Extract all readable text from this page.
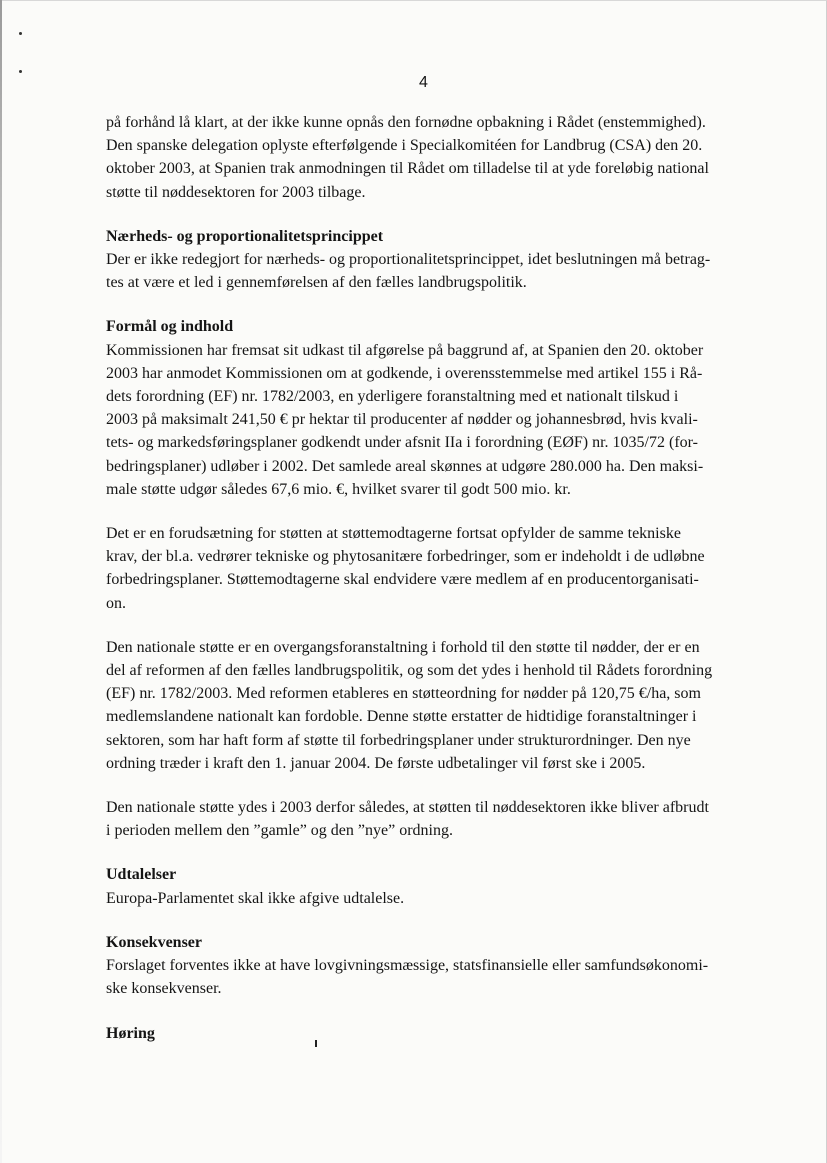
4
på forhånd lå klart, at der ikke kunne opnås den fornødne opbakning i Rådet (enstemmighed).
Den spanske delegation oplyste efterfølgende i Specialkomitéen for Landbrug (CSA) den 20.
oktober 2003, at Spanien trak anmodningen til Rådet om tilladelse til at yde foreløbig national
støtte til nøddesektoren for 2003 tilbage.
Nærheds- og proportionalitetsprincippet
Der er ikke redegjort for nærheds- og proportionalitetsprincippet, idet beslutningen må betrag-
tes at være et led i gennemførelsen af den fælles landbrugspolitik.
Formål og indhold
Kommissionen har fremsat sit udkast til afgørelse på baggrund af, at Spanien den 20. oktober
2003 har anmodet Kommissionen om at godkende, i overensstemmelse med artikel 155 i Rå-
dets forordning (EF) nr. 1782/2003, en yderligere foranstaltning med et nationalt tilskud i
2003 på maksimalt 241,50 € pr hektar til producenter af nødder og johannesbrød, hvis kvali-
tets- og markedsføringsplaner godkendt under afsnit IIa i forordning (EØF) nr. 1035/72 (for-
bedringsplaner) udløber i 2002. Det samlede areal skønnes at udgøre 280.000 ha. Den maksi-
male støtte udgør således 67,6 mio. €, hvilket svarer til godt 500 mio. kr.
Det er en forudsætning for støtten at støttemodtagerne fortsat opfylder de samme tekniske
krav, der bl.a. vedrører tekniske og phytosanitære forbedringer, som er indeholdt i de udløbne
forbedringsplaner. Støttemodtagerne skal endvidere være medlem af en producentorganisati-
on.
Den nationale støtte er en overgangsforanstaltning i forhold til den støtte til nødder, der er en
del af reformen af den fælles landbrugspolitik, og som det ydes i henhold til Rådets forordning
(EF) nr. 1782/2003. Med reformen etableres en støtteordning for nødder på 120,75 €/ha, som
medlemslandene nationalt kan fordoble. Denne støtte erstatter de hidtidige foranstaltninger i
sektoren, som har haft form af støtte til forbedringsplaner under strukturordninger. Den nye
ordning træder i kraft den 1. januar 2004. De første udbetalinger vil først ske i 2005.
Den nationale støtte ydes i 2003 derfor således, at støtten til nøddesektoren ikke bliver afbrudt
i perioden mellem den ”gamle” og den ”nye” ordning.
Udtalelser
Europa-Parlamentet skal ikke afgive udtalelse.
Konsekvenser
Forslaget forventes ikke at have lovgivningsmæssige, statsfinansielle eller samfundsøkonomi-
ske konsekvenser.
Høring
